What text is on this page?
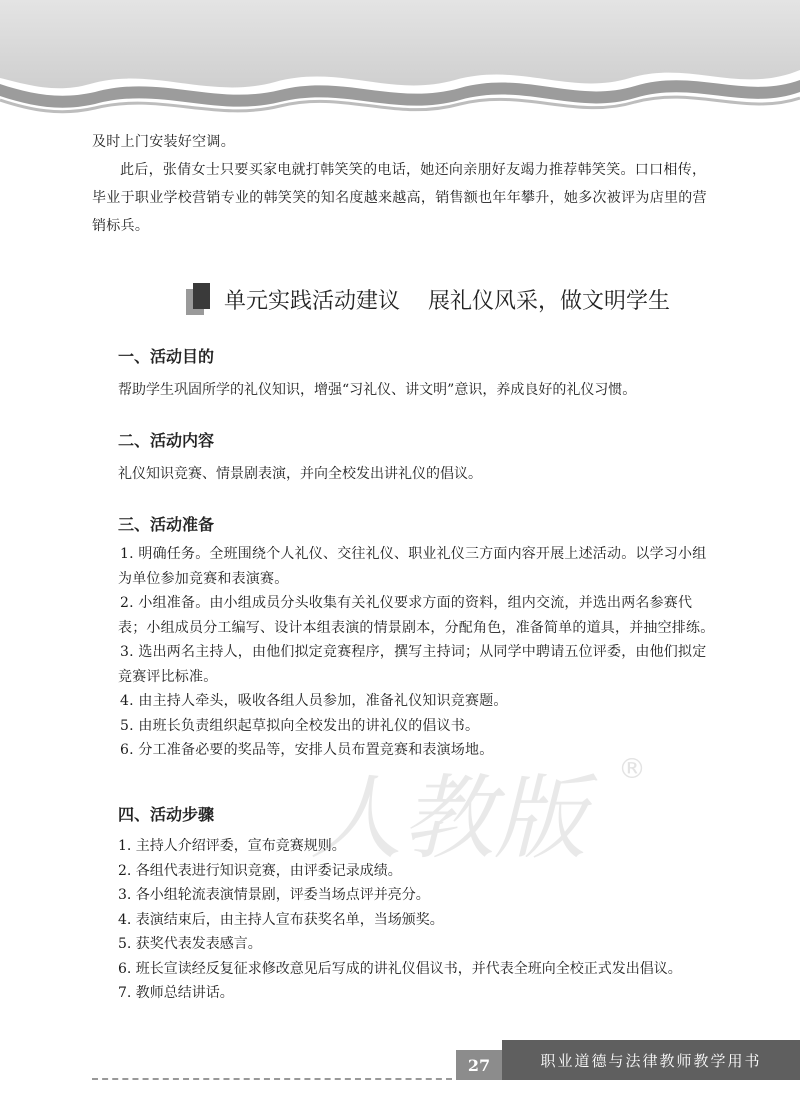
及时上门安装好空调。

此后，张倩女士只要买家电就打韩笑笑的电话，她还向亲朋好友竭力推荐韩笑笑。口口相传，毕业于职业学校营销专业的韩笑笑的知名度越来越高，销售额也年年攀升，她多次被评为店里的营销标兵。

单元实践活动建议 展礼仪风采，做文明学生
一、活动目的

帮助学生巩固所学的礼仪知识，增强“习礼仪、讲文明”意识，养成良好的礼仪习惯。

二、活动内容

礼仪知识竞赛、情景剧表演，并向全校发出讲礼仪的倡议。

三、活动准备
1. 明确任务。全班围绕个人礼仪、交往礼仪、职业礼仪三方面内容开展上述活动。以学习小组为单位参加竞赛和表演赛。
2. 小组准备。由小组成员分头收集有关礼仪要求方面的资料，组内交流，并选出两名参赛代表；小组成员分工编写、设计本组表演的情景剧本，分配角色，准备简单的道具，并抽空排练。
3. 选出两名主持人，由他们拟定竞赛程序，撰写主持词；从同学中聘请五位评委，由他们拟定竞赛评比标准。
4. 由主持人牵头，吸收各组人员参加，准备礼仪知识竞赛题。
5. 由班长负责组织起草拟向全校发出的讲礼仪的倡议书。
6. 分工准备必要的奖品等，安排人员布置竞赛和表演场地。
人教版	®
四、活动步骤
1. 主持人介绍评委，宣布竞赛规则。
2. 各组代表进行知识竞赛，由评委记录成绩。
3. 各小组轮流表演情景剧，评委当场点评并亮分。
4. 表演结束后，由主持人宣布获奖名单，当场颁奖。
5. 获奖代表发表感言。
6. 班长宣读经反复征求修改意见后写成的讲礼仪倡议书，并代表全班向全校正式发出倡议。
7. 教师总结讲话。
27	职业道德与法律教师教学用书
